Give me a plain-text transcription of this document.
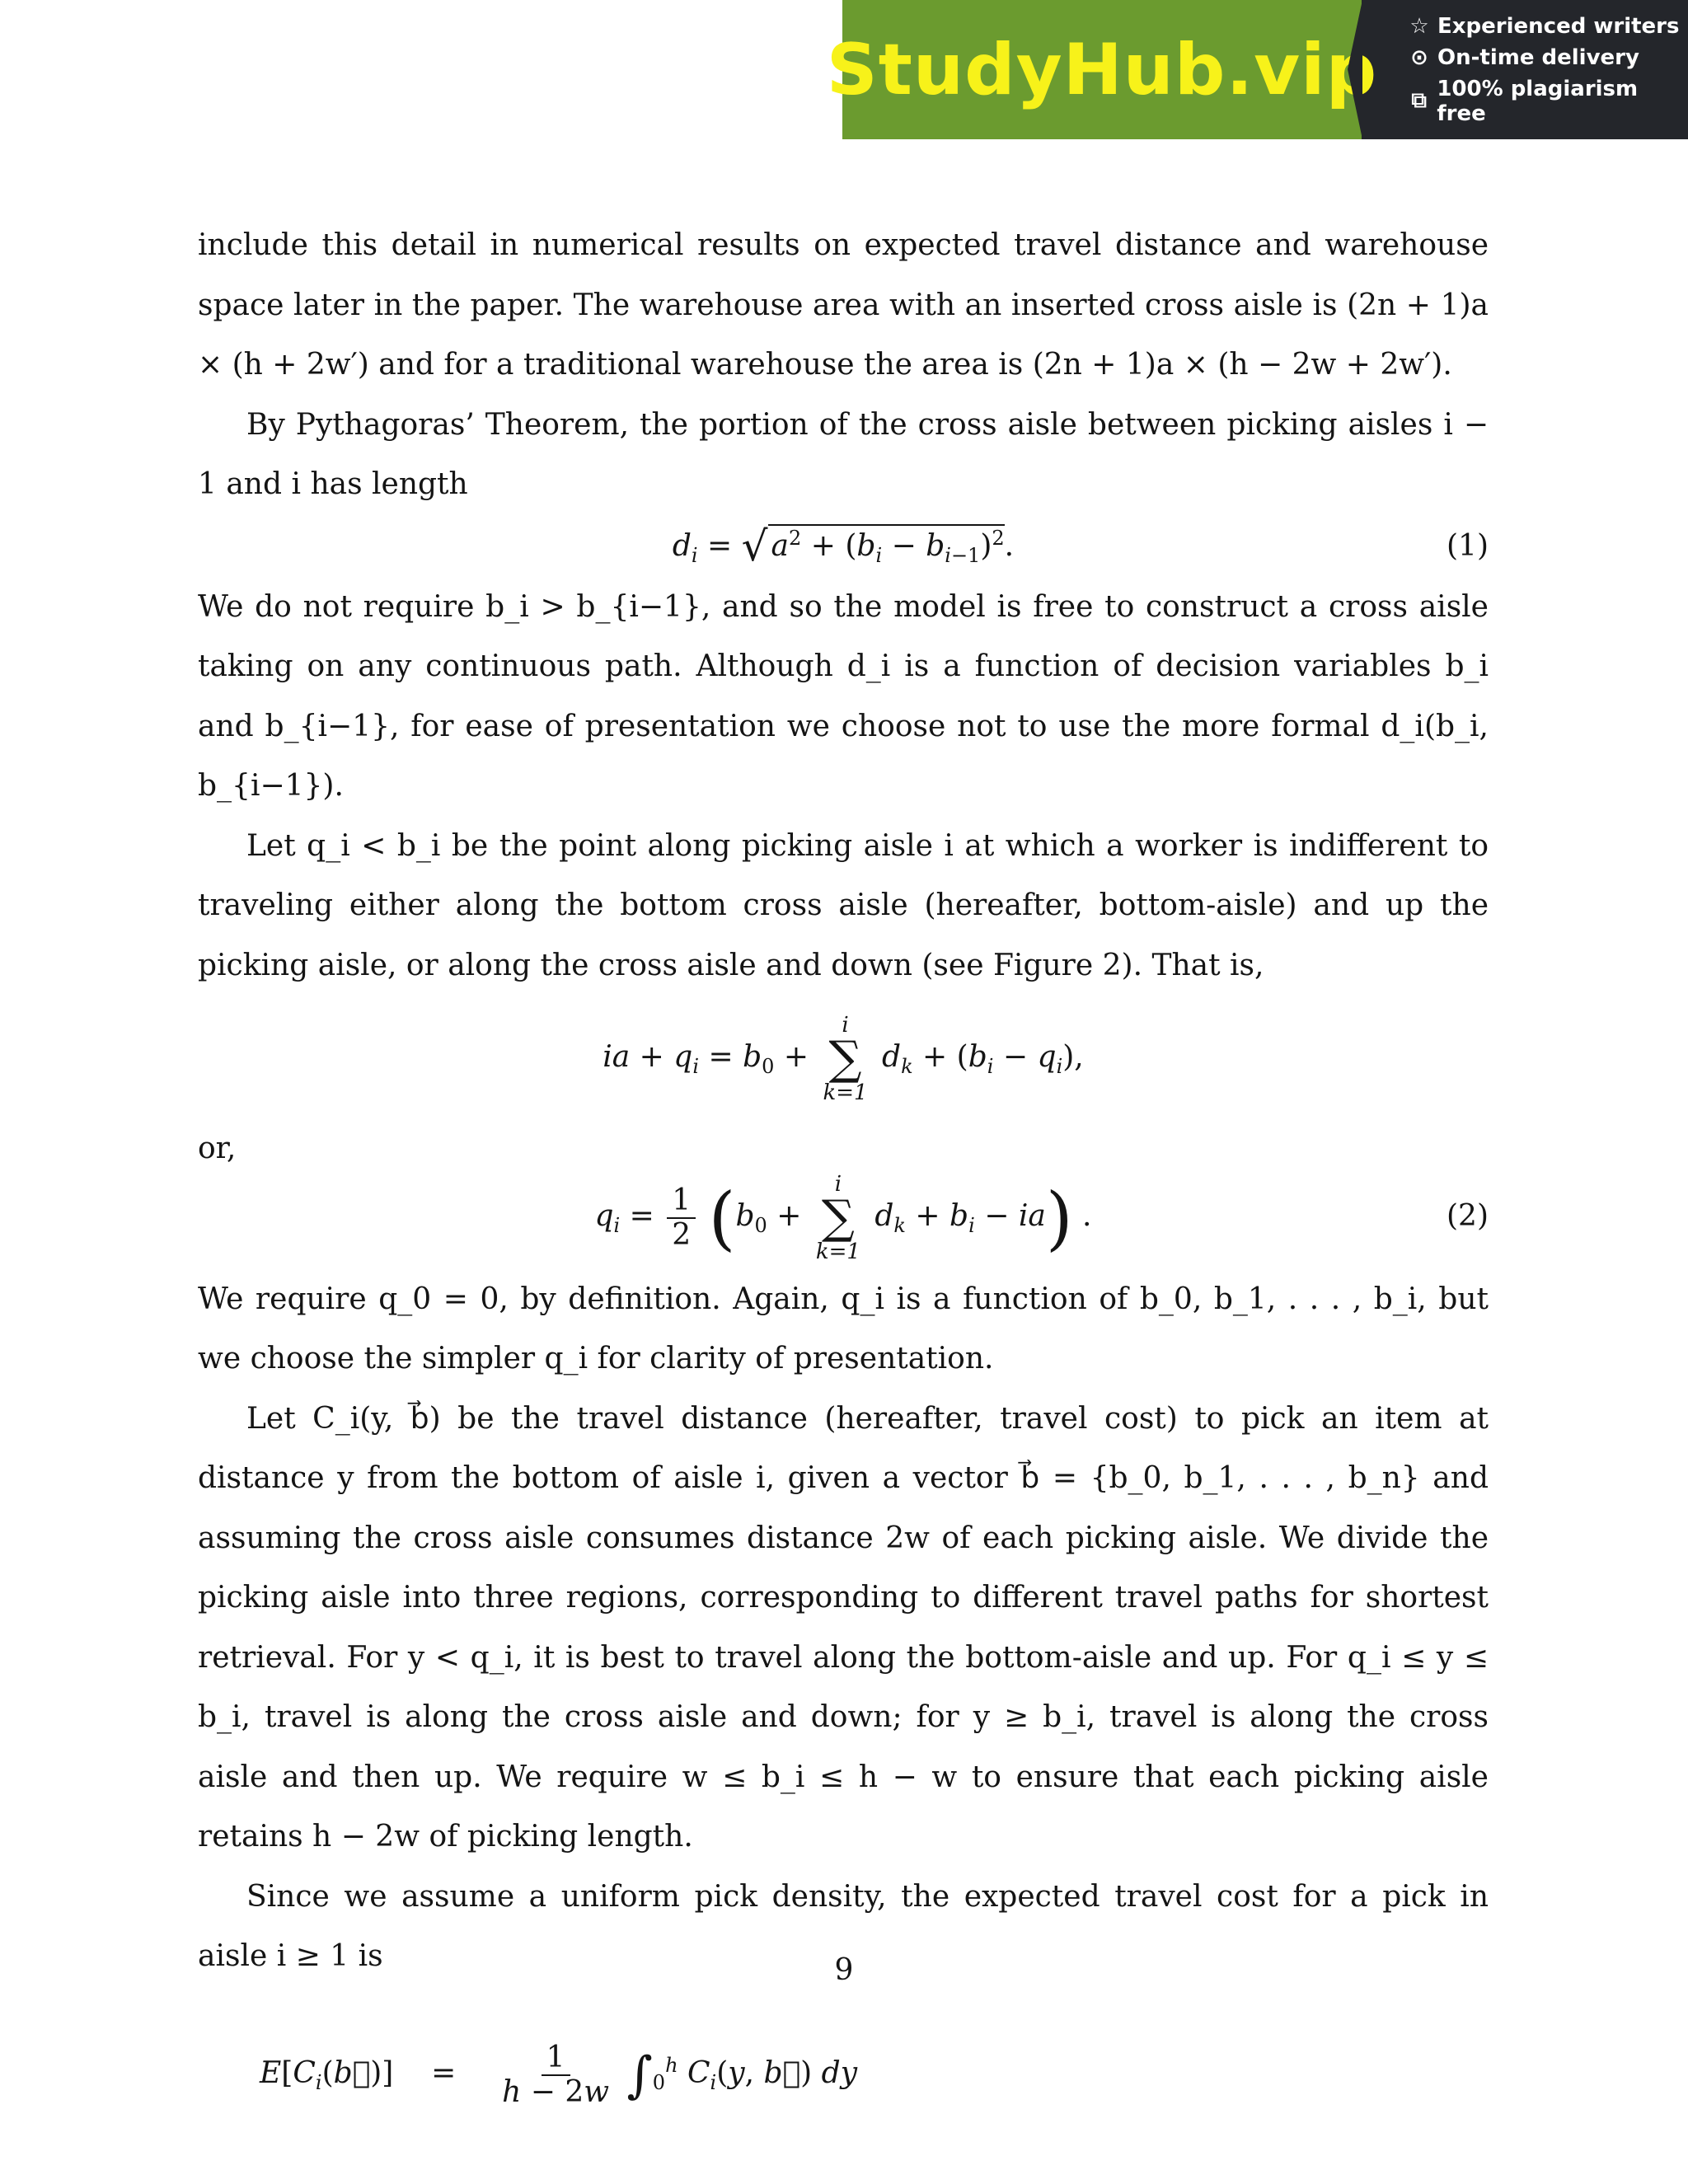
StudyHub.vip
☆ Experienced writers
⊙ On-time delivery
⧉ 100% plagiarism free

include this detail in numerical results on expected travel distance and warehouse space later in the paper. The warehouse area with an inserted cross aisle is (2n + 1)a × (h + 2w′) and for a traditional warehouse the area is (2n + 1)a × (h − 2w + 2w′).

By Pythagoras’ Theorem, the portion of the cross aisle between picking aisles i − 1 and i has length

$d_i$ = √ $a^2 + (b_i - b_{i-1})^2$.	(1)

We do not require b_i > b_{i−1}, and so the model is free to construct a cross aisle taking on any continuous path. Although d_i is a function of decision variables b_i and b_{i−1}, for ease of presentation we choose not to use the more formal d_i(b_i, b_{i−1}).

Let q_i < b_i be the point along picking aisle i at which a worker is indifferent to traveling either along the bottom cross aisle (hereafter, bottom-aisle) and up the picking aisle, or along the cross aisle and down (see Figure 2). That is,

ia + $q_i = b_0$ +
i
∑
k=1
$d_k + (b_i - q_i)$,

or,

$q_i = \frac{1}{2} (b_0$ +
i
∑
k=1
$d_k + b_i - ia$) .	(2)

We require q_0 = 0, by definition. Again, q_i is a function of b_0, b_1, . . . , b_i, but we choose the simpler q_i for clarity of presentation.

Let C_i(y, b⃗) be the travel distance (hereafter, travel cost) to pick an item at distance y from the bottom of aisle i, given a vector b⃗ = {b_0, b_1, . . . , b_n} and assuming the cross aisle consumes distance 2w of each picking aisle. We divide the picking aisle into three regions, corresponding to different travel paths for shortest retrieval. For y < q_i, it is best to travel along the bottom-aisle and up. For q_i ≤ y ≤ b_i, travel is along the cross aisle and down; for y ≥ b_i, travel is along the cross aisle and then up. We require w ≤ b_i ≤ h − w to ensure that each picking aisle retains h − 2w of picking length.

Since we assume a uniform pick density, the expected travel cost for a pick in aisle i ≥ 1 is

$E[C_i(b⃗)]$    = $\frac{1}{h - 2w} \int_0^h$ $C_i(y$, b⃗) dy
9
